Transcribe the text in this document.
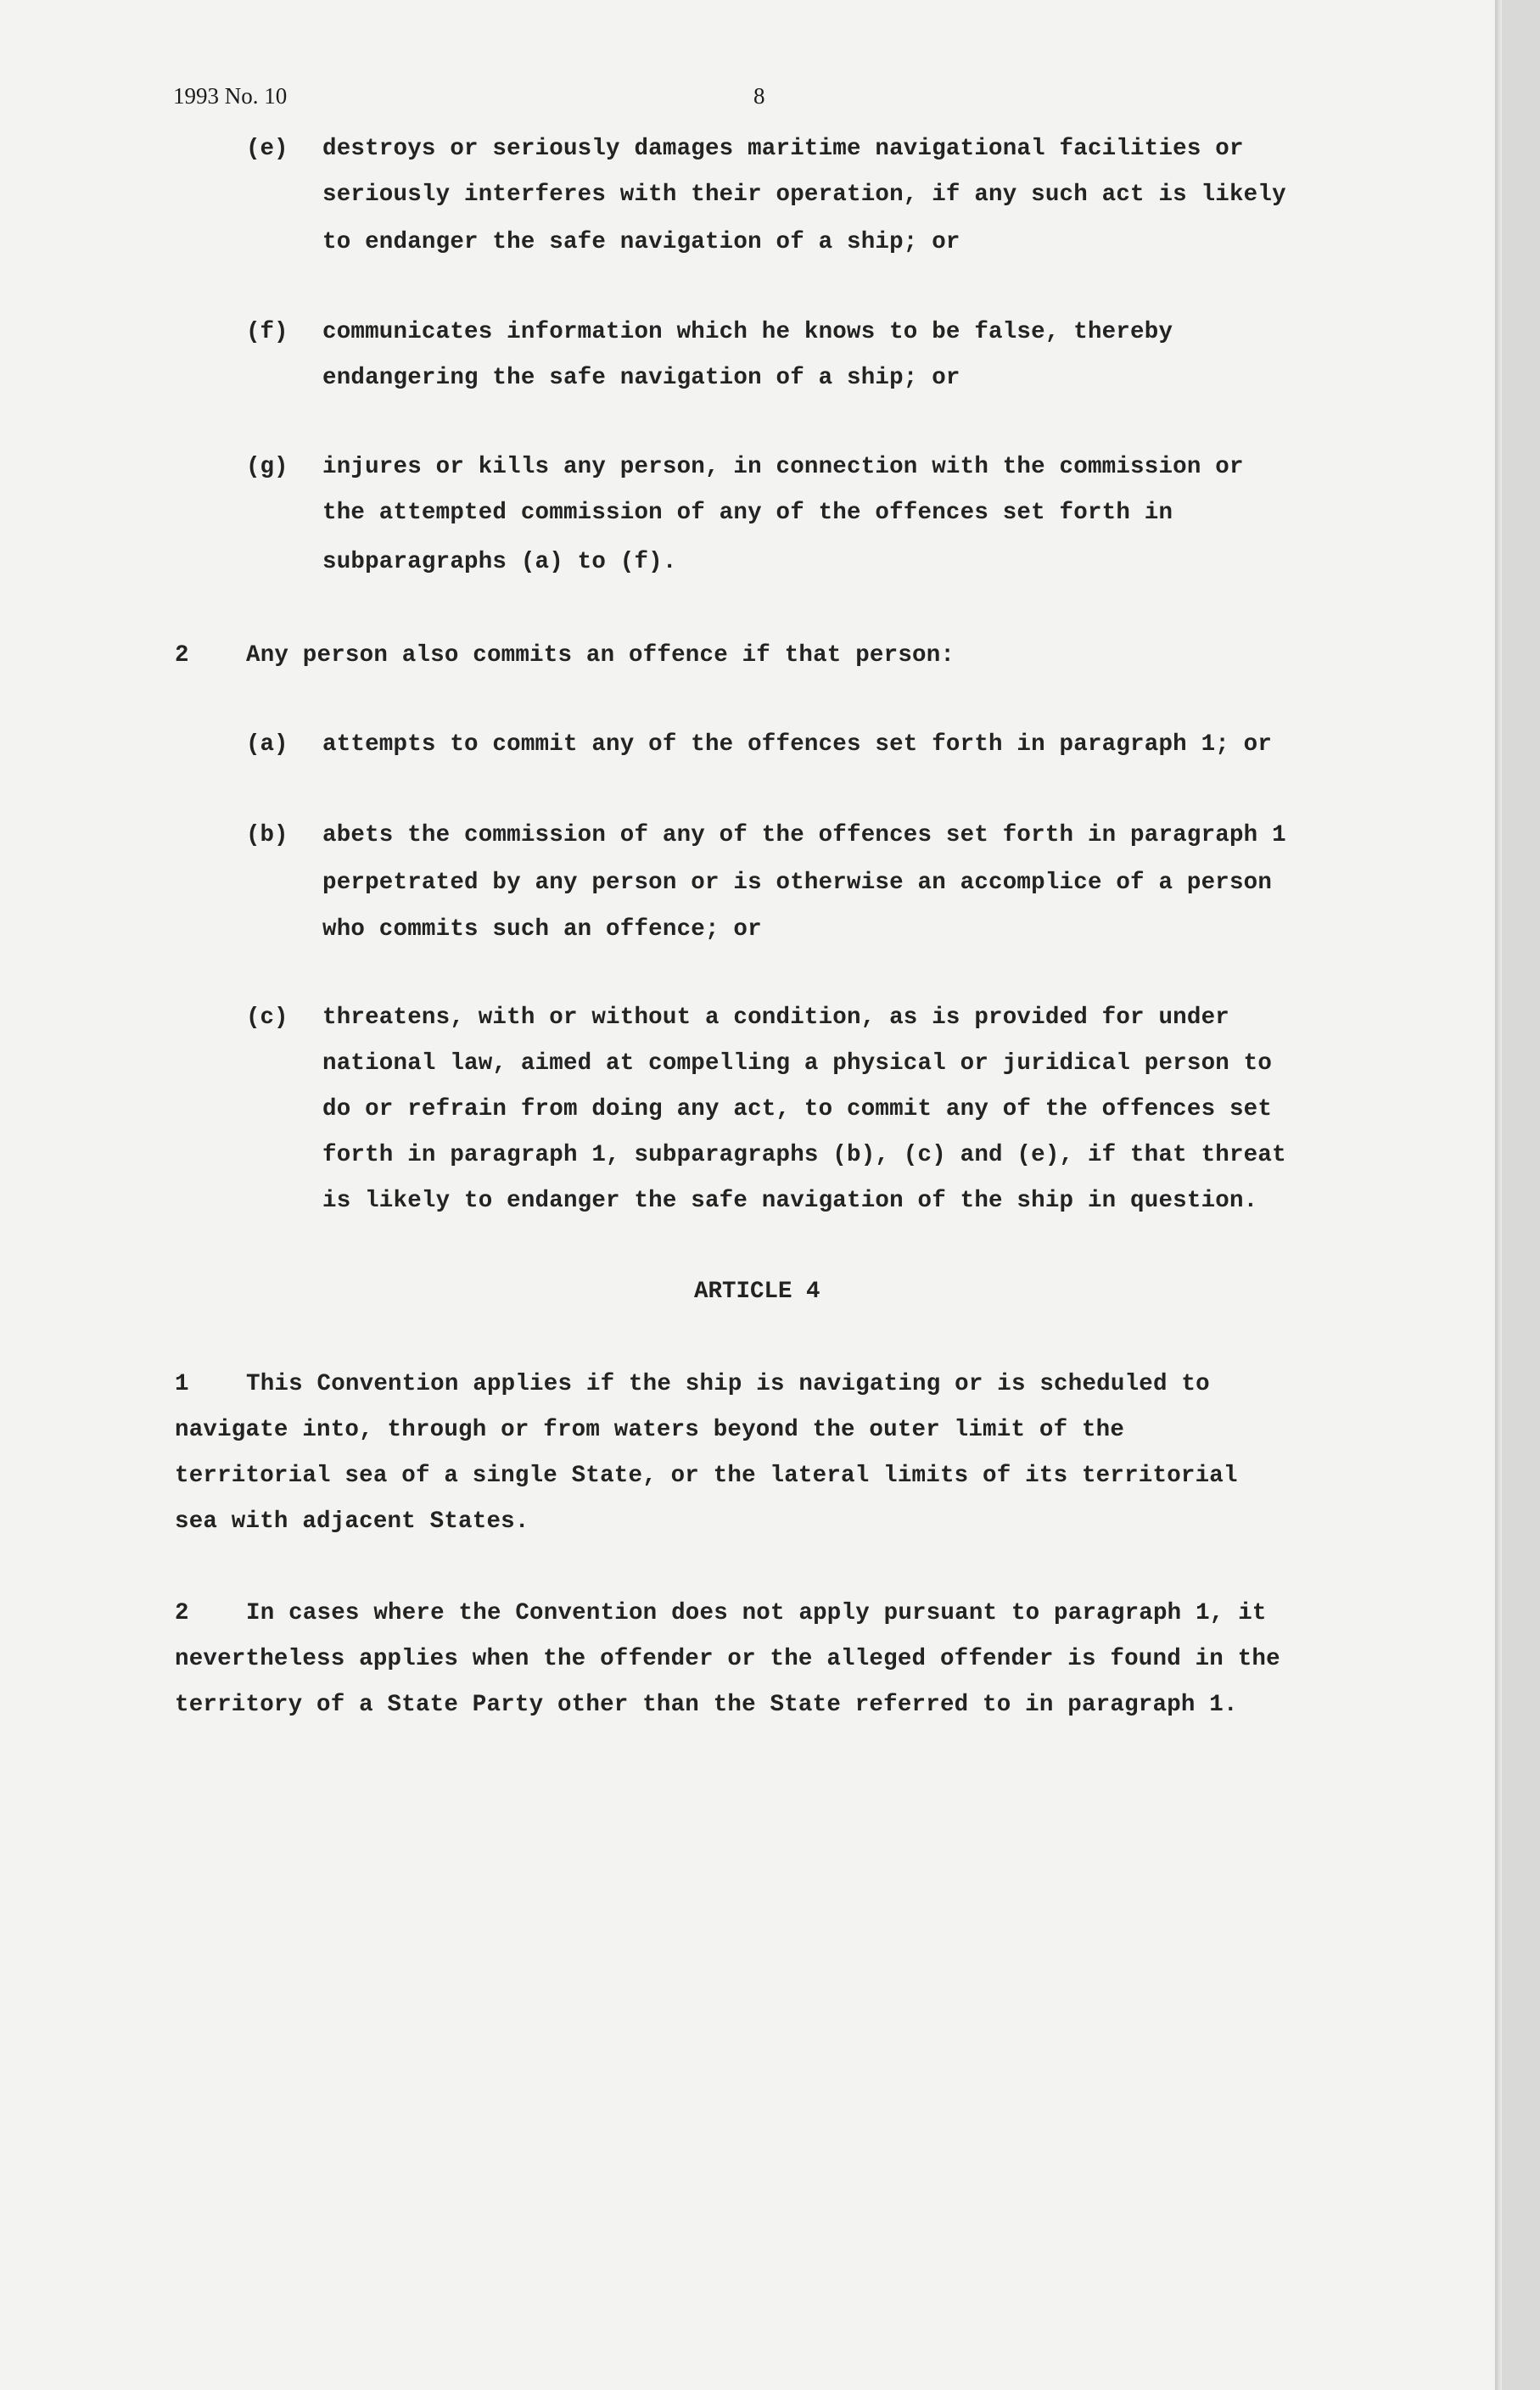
1993 No. 10	8
(e) destroys or seriously damages maritime navigational facilities or
seriously interferes with their operation, if any such act is likely
to endanger the safe navigation of a ship; or
(f) communicates information which he knows to be false, thereby
endangering the safe navigation of a ship; or
(g) injures or kills any person, in connection with the commission or
the attempted commission of any of the offences set forth in
subparagraphs (a) to (f).
2 Any person also commits an offence if that person:
(a) attempts to commit any of the offences set forth in paragraph 1; or
(b) abets the commission of any of the offences set forth in paragraph 1
perpetrated by any person or is otherwise an accomplice of a person
who commits such an offence; or
(c) threatens, with or without a condition, as is provided for under
national law, aimed at compelling a physical or juridical person to
do or refrain from doing any act, to commit any of the offences set
forth in paragraph 1, subparagraphs (b), (c) and (e), if that threat
is likely to endanger the safe navigation of the ship in question.
ARTICLE 4
1 This Convention applies if the ship is navigating or is scheduled to
navigate into, through or from waters beyond the outer limit of the
territorial sea of a single State, or the lateral limits of its territorial
sea with adjacent States.
2 In cases where the Convention does not apply pursuant to paragraph 1, it
nevertheless applies when the offender or the alleged offender is found in the
territory of a State Party other than the State referred to in paragraph 1.
